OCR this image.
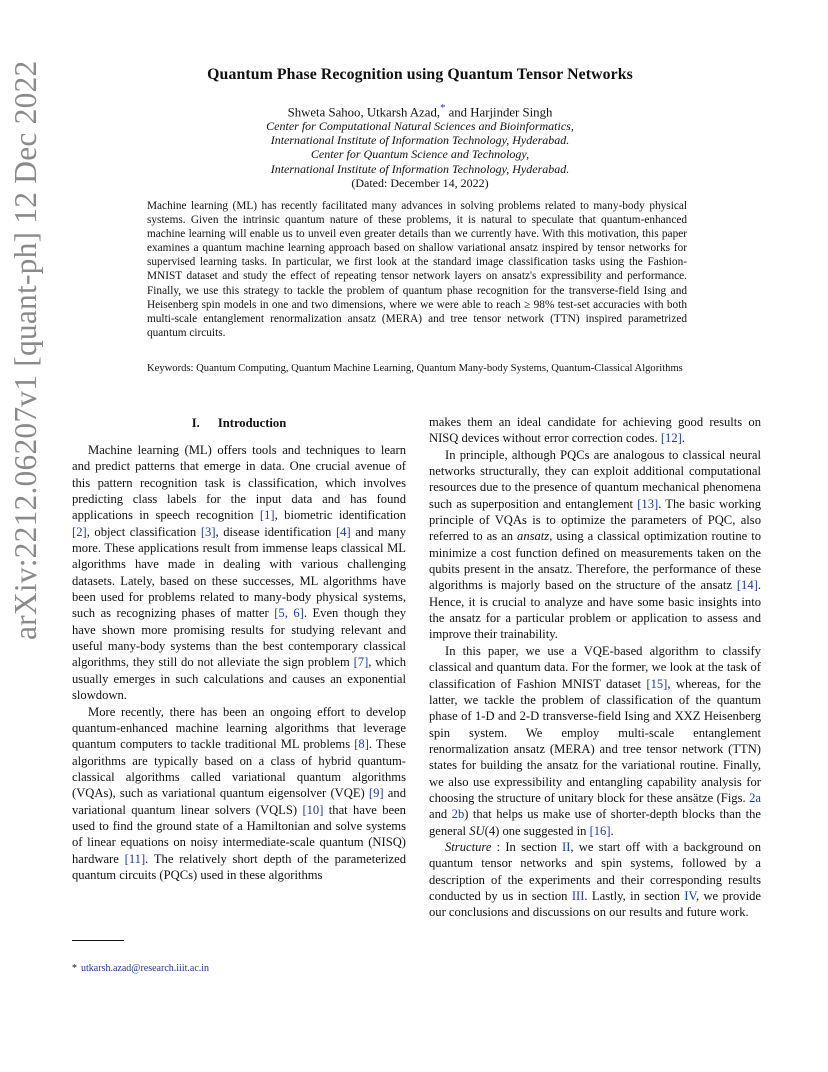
arXiv:2212.06207v1 [quant-ph] 12 Dec 2022	Quantum Phase Recognition using Quantum Tensor Networks
Shweta Sahoo, Utkarsh Azad,* and Harjinder Singh
Center for Computational Natural Sciences and Bioinformatics,
International Institute of Information Technology, Hyderabad.
Center for Quantum Science and Technology,
International Institute of Information Technology, Hyderabad.
(Dated: December 14, 2022)
Machine learning (ML) has recently facilitated many advances in solving problems related to many-body physical systems. Given the intrinsic quantum nature of these problems, it is natural to speculate that quantum-enhanced machine learning will enable us to unveil even greater details than we currently have. With this motivation, this paper examines a quantum machine learning approach based on shallow variational ansatz inspired by tensor networks for supervised learning tasks. In particular, we first look at the standard image classification tasks using the Fashion-MNIST dataset and study the effect of repeating tensor network layers on ansatz's expressibility and performance. Finally, we use this strategy to tackle the problem of quantum phase recognition for the transverse-field Ising and Heisenberg spin models in one and two dimensions, where we were able to reach ≥ 98% test-set accuracies with both multi-scale entanglement renormalization ansatz (MERA) and tree tensor network (TTN) inspired parametrized quantum circuits.
Keywords: Quantum Computing, Quantum Machine Learning, Quantum Many-body Systems, Quantum-Classical Algorithms
I. Introduction

Machine learning (ML) offers tools and techniques to learn and predict patterns that emerge in data. One crucial avenue of this pattern recognition task is classification, which involves predicting class labels for the input data and has found applications in speech recognition [1], biometric identification [2], object classification [3], disease identification [4] and many more. These applications result from immense leaps classical ML algorithms have made in dealing with various challenging datasets. Lately, based on these successes, ML algorithms have been used for problems related to many-body physical systems, such as recognizing phases of matter [5, 6]. Even though they have shown more promising results for studying relevant and useful many-body systems than the best contemporary classical algorithms, they still do not alleviate the sign problem [7], which usually emerges in such calculations and causes an exponential slowdown.

More recently, there has been an ongoing effort to develop quantum-enhanced machine learning algorithms that leverage quantum computers to tackle traditional ML problems [8]. These algorithms are typically based on a class of hybrid quantum-classical algorithms called variational quantum algorithms (VQAs), such as variational quantum eigensolver (VQE) [9] and variational quantum linear solvers (VQLS) [10] that have been used to find the ground state of a Hamiltonian and solve systems of linear equations on noisy intermediate-scale quantum (NISQ) hardware [11]. The relatively short depth of the parameterized quantum circuits (PQCs) used in these algorithms

makes them an ideal candidate for achieving good results on NISQ devices without error correction codes. [12].

In principle, although PQCs are analogous to classical neural networks structurally, they can exploit additional computational resources due to the presence of quantum mechanical phenomena such as superposition and entanglement [13]. The basic working principle of VQAs is to optimize the parameters of PQC, also referred to as an ansatz, using a classical optimization routine to minimize a cost function defined on measurements taken on the qubits present in the ansatz. Therefore, the performance of these algorithms is majorly based on the structure of the ansatz [14]. Hence, it is crucial to analyze and have some basic insights into the ansatz for a particular problem or application to assess and improve their trainability.

In this paper, we use a VQE-based algorithm to classify classical and quantum data. For the former, we look at the task of classification of Fashion MNIST dataset [15], whereas, for the latter, we tackle the problem of classification of the quantum phase of 1-D and 2-D transverse-field Ising and XXZ Heisenberg spin system. We employ multi-scale entanglement renormalization ansatz (MERA) and tree tensor network (TTN) states for building the ansatz for the variational routine. Finally, we also use expressibility and entangling capability analysis for choosing the structure of unitary block for these ansätze (Figs. 2a and 2b) that helps us make use of shorter-depth blocks than the general SU(4) one suggested in [16].

Structure : In section II, we start off with a background on quantum tensor networks and spin systems, followed by a description of the experiments and their corresponding results conducted by us in section III. Lastly, in section IV, we provide our conclusions and discussions on our results and future work.

* utkarsh.azad@research.iiit.ac.in
